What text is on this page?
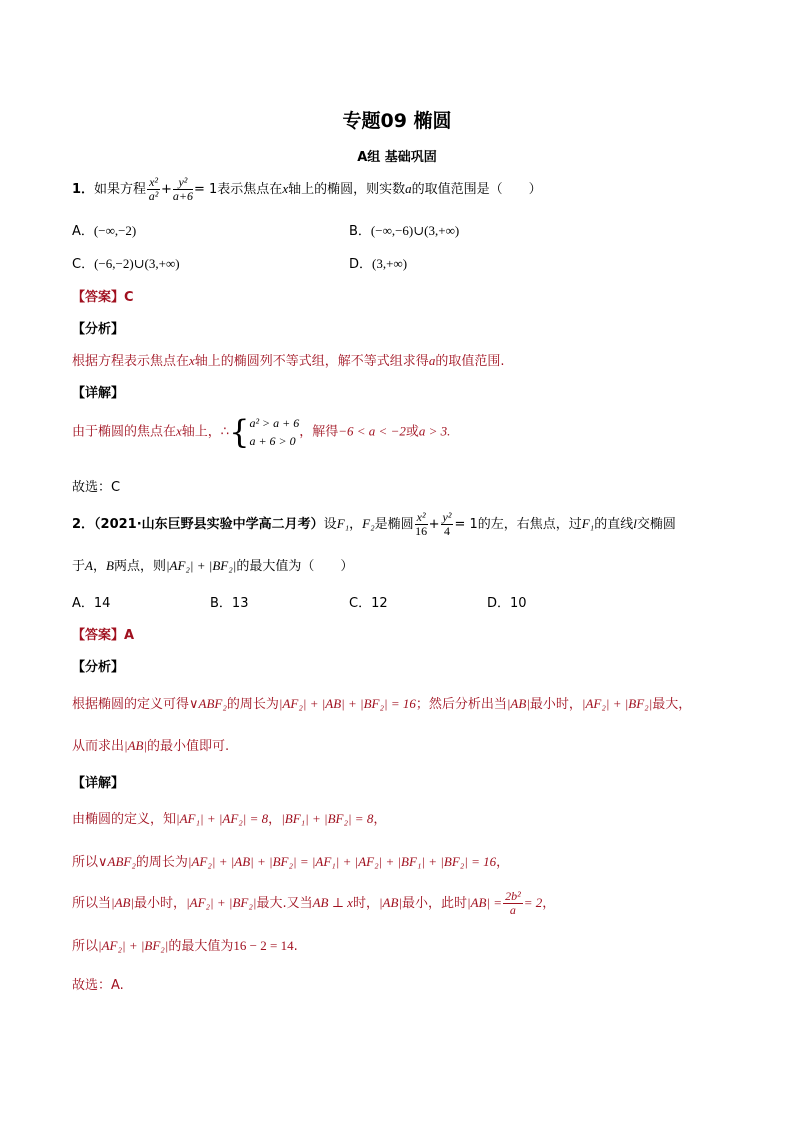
专题09 椭圆
A组 基础巩固
1．如果方程 $\frac{\text{x²}}{\text{a²}} + \frac{\text{y²}}{a+6} = 1$表示焦点在x轴上的椭圆，则实数a的取值范围是（　　）
A．(−∞,−2)	B．(−∞,−6)∪(3,+∞)
C．(−6,−2)∪(3,+∞)	D．(3,+∞)
【答案】C
【分析】
根据方程表示焦点在x轴上的椭圆列不等式组，解不等式组求得a的取值范围.
【详解】
由于椭圆的焦点在x轴上，∴{ a² > a + 6
a + 6 > 0
，解得−6 < a < −2或a > 3.
故选：C
2．（2021·山东巨野县实验中学高二月考）设F₁，F₂是椭圆 $\frac{\text{x²}}{16} + \frac{\text{y²}}{4} = 1$的左，右焦点，过F₁的直线l交椭圆
于A，B两点，则|AF₂| + |BF₂|的最大值为（　　）
A．14	B．13	C．12	D．10
【答案】A
【分析】
根据椭圆的定义可得∨ABF₂的周长为|AF₂| + |AB| + |BF₂| = 16；然后分析出当|AB|最小时，|AF₂| + |BF₂|最大，
从而求出|AB|的最小值即可.
【详解】
由椭圆的定义，知|AF₁| + |AF₂| = 8，|BF₁| + |BF₂| = 8，
所以∨ABF₂的周长为|AF₂| + |AB| + |BF₂| = |AF₁| + |AF₂| + |BF₁| + |BF₂| = 16，
所以当|AB|最小时，|AF₂| + |BF₂|最大.又当AB ⊥ x时，|AB|最小，此时$|AB| = \frac{\text{2b²}}{a} = 2$，
所以|AF₂| + |BF₂|的最大值为16 − 2 = 14.
故选：A.
